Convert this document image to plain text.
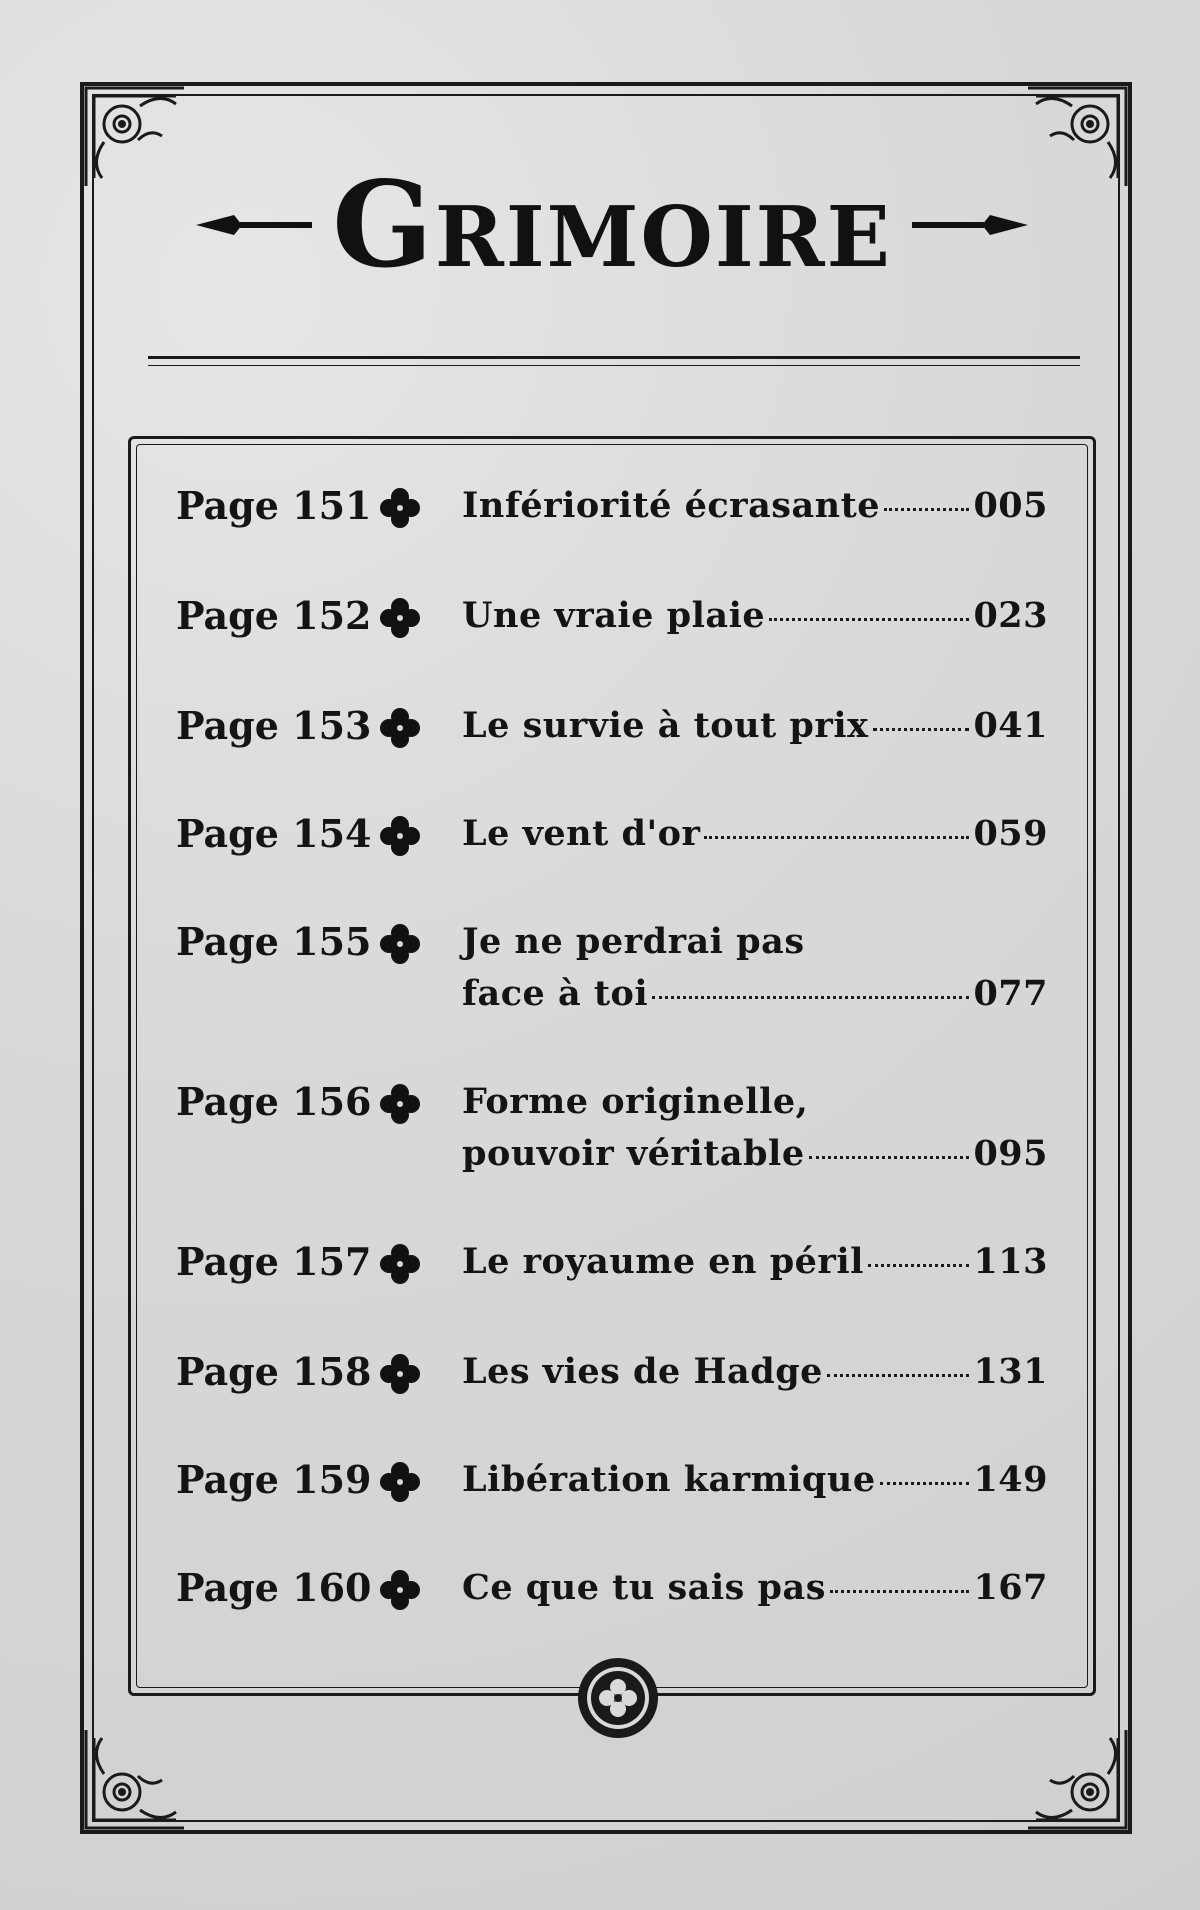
Grimoire
Page 151	Infériorité écrasante	005
Page 152	Une vraie plaie	023
Page 153	Le survie à tout prix	041
Page 154	Le vent d'or	059
Page 155	Je ne perdrai pas
face à toi	077
Page 156	Forme originelle,
pouvoir véritable	095
Page 157	Le royaume en péril	113
Page 158	Les vies de Hadge	131
Page 159	Libération karmique	149
Page 160	Ce que tu sais pas	167
